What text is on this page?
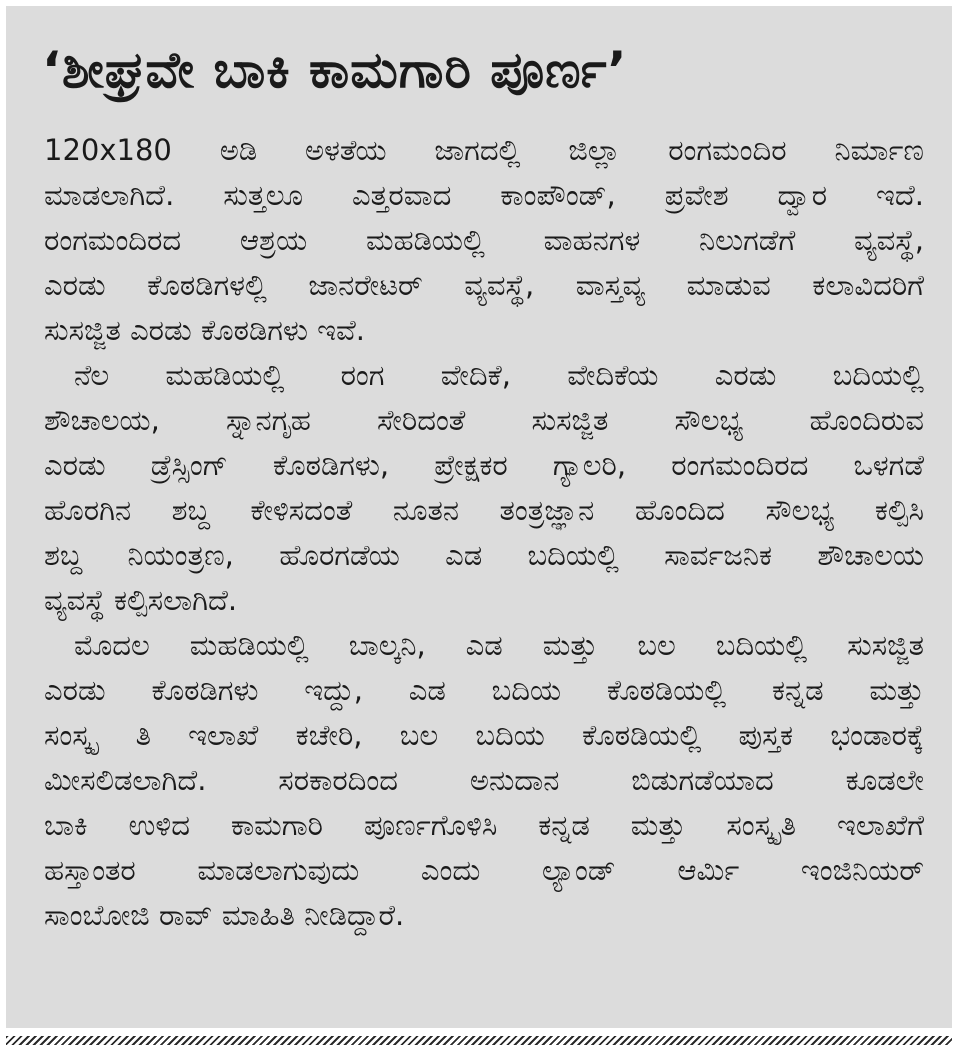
‘ಶೀಘ್ರವೇ ಬಾಕಿ ಕಾಮಗಾರಿ ಪೂರ್ಣ’
120x180 ಅಡಿ ಅಳತೆಯ ಜಾಗದಲ್ಲಿ ಜಿಲ್ಲಾ ರಂಗಮಂದಿರ ನಿರ್ಮಾಣ
ಮಾಡಲಾಗಿದೆ. ಸುತ್ತಲೂ ಎತ್ತರವಾದ ಕಾಂಪೌಂಡ್, ಪ್ರವೇಶ ದ್ವಾರ ಇದೆ.
ರಂಗಮಂದಿರದ ಆಶ್ರಯ ಮಹಡಿಯಲ್ಲಿ ವಾಹನಗಳ ನಿಲುಗಡೆಗೆ ವ್ಯವಸ್ಥೆ,
ಎರಡು ಕೊಠಡಿಗಳಲ್ಲಿ ಜಾನರೇಟರ್ ವ್ಯವಸ್ಥೆ, ವಾಸ್ತವ್ಯ ಮಾಡುವ ಕಲಾವಿದರಿಗೆ
ಸುಸಜ್ಜಿತ ಎರಡು ಕೊಠಡಿಗಳು ಇವೆ.
ನೆಲ ಮಹಡಿಯಲ್ಲಿ ರಂಗ ವೇದಿಕೆ, ವೇದಿಕೆಯ ಎರಡು ಬದಿಯಲ್ಲಿ
ಶೌಚಾಲಯ, ಸ್ನಾನಗೃಹ ಸೇರಿದಂತೆ ಸುಸಜ್ಜಿತ ಸೌಲಭ್ಯ ಹೊಂದಿರುವ
ಎರಡು ಡ್ರೆಸ್ಸಿಂಗ್ ಕೊಠಡಿಗಳು, ಪ್ರೇಕ್ಷಕರ ಗ್ಯಾಲರಿ, ರಂಗಮಂದಿರದ ಒಳಗಡೆ
ಹೊರಗಿನ ಶಬ್ದ ಕೇಳಿಸದಂತೆ ನೂತನ ತಂತ್ರಜ್ಞಾನ ಹೊಂದಿದ ಸೌಲಭ್ಯ ಕಲ್ಪಿಸಿ
ಶಬ್ದ ನಿಯಂತ್ರಣ, ಹೊರಗಡೆಯ ಎಡ ಬದಿಯಲ್ಲಿ ಸಾರ್ವಜನಿಕ ಶೌಚಾಲಯ
ವ್ಯವಸ್ಥೆ ಕಲ್ಪಿಸಲಾಗಿದೆ.
ಮೊದಲ ಮಹಡಿಯಲ್ಲಿ ಬಾಲ್ಕನಿ, ಎಡ ಮತ್ತು ಬಲ ಬದಿಯಲ್ಲಿ ಸುಸಜ್ಜಿತ
ಎರಡು ಕೊಠಡಿಗಳು ಇದ್ದು, ಎಡ ಬದಿಯ ಕೊಠಡಿಯಲ್ಲಿ ಕನ್ನಡ ಮತ್ತು
ಸಂಸ್ಕೃ ತಿ ಇಲಾಖೆ ಕಚೇರಿ, ಬಲ ಬದಿಯ ಕೊಠಡಿಯಲ್ಲಿ ಪುಸ್ತಕ ಭಂಡಾರಕ್ಕೆ
ಮೀಸಲಿಡಲಾಗಿದೆ. ಸರಕಾರದಿಂದ ಅನುದಾನ ಬಿಡುಗಡೆಯಾದ ಕೂಡಲೇ
ಬಾಕಿ ಉಳಿದ ಕಾಮಗಾರಿ ಪೂರ್ಣಗೊಳಿಸಿ ಕನ್ನಡ ಮತ್ತು ಸಂಸ್ಕೃತಿ ಇಲಾಖೆಗೆ
ಹಸ್ತಾಂತರ ಮಾಡಲಾಗುವುದು ಎಂದು ಲ್ಯಾಂಡ್ ಆರ್ಮಿ ಇಂಜಿನಿಯರ್
ಸಾಂಬೋಜಿ ರಾವ್ ಮಾಹಿತಿ ನೀಡಿದ್ದಾರೆ.
